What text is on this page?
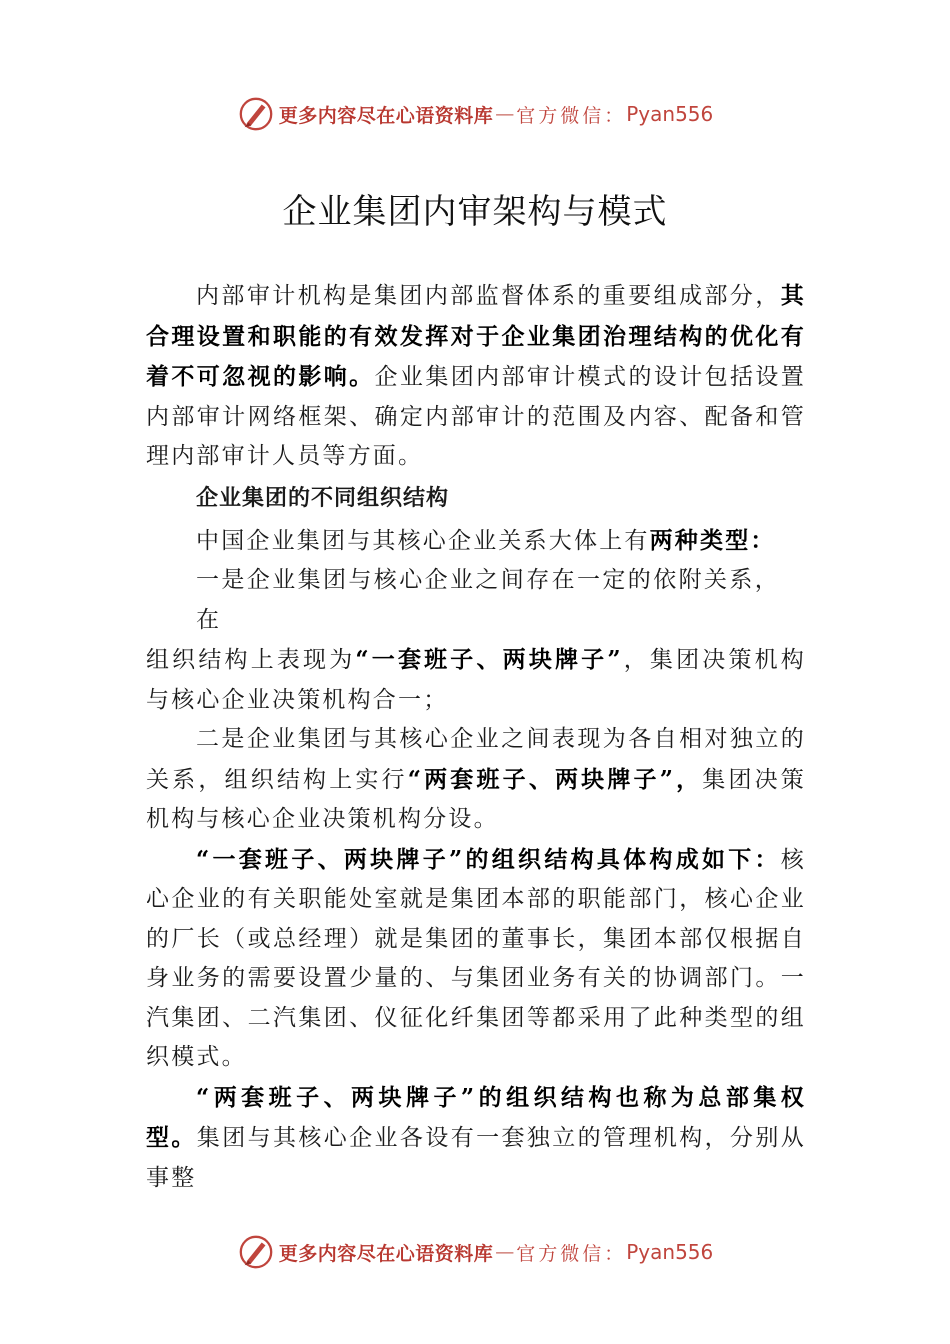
更多内容尽在心语资料库 — 官方微信： Pyan556
企业集团内审架构与模式

内部审计机构是集团内部监督体系的重要组成部分，其合理设置和职能的有效发挥对于企业集团治理结构的优化有着不可忽视的影响。企业集团内部审计模式的设计包括设置内部审计网络框架、确定内部审计的范围及内容、配备和管理内部审计人员等方面。

企业集团的不同组织结构

中国企业集团与其核心企业关系大体上有两种类型：

一是企业集团与核心企业之间存在一定的依附关系，

在

组织结构上表现为“一套班子、两块牌子”，集团决策机构与核心企业决策机构合一；

二是企业集团与其核心企业之间表现为各自相对独立的关系，组织结构上实行“两套班子、两块牌子”，集团决策机构与核心企业决策机构分设。

“一套班子、两块牌子”的组织结构具体构成如下：核心企业的有关职能处室就是集团本部的职能部门，核心企业的厂长（或总经理）就是集团的董事长，集团本部仅根据自身业务的需要设置少量的、与集团业务有关的协调部门。一汽集团、二汽集团、仪征化纤集团等都采用了此种类型的组织模式。

“两套班子、两块牌子”的组织结构也称为总部集权型。集团与其核心企业各设有一套独立的管理机构，分别从事整

更多内容尽在心语资料库 — 官方微信： Pyan556
